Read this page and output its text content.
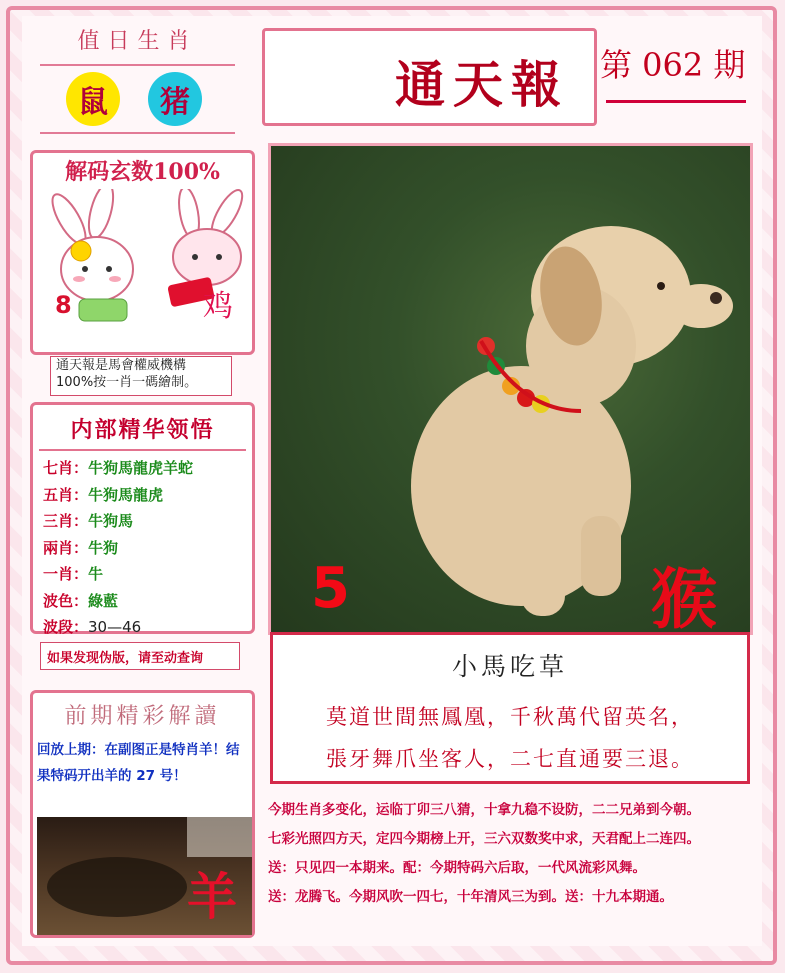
值日生肖
鼠	猪
解码玄数100%
8	鸡
通天報是馬會權威機構
100%按一肖一碼繪制。
内部精华领悟
七肖：牛狗馬龍虎羊蛇
五肖：牛狗馬龍虎
三肖：牛狗馬
兩肖：牛狗
一肖：牛
波色：綠藍
波段：30—46
如果发现伪版，请至动查询
前期精彩解讀
回放上期：在副图正是特肖羊！结果特码开出羊的 27 号！
羊
通天報 第 062 期
5	猴
小馬吃草
莫道世間無鳳凰，千秋萬代留英名，
張牙舞爪坐客人，二七直通要三退。
今期生肖多变化，运临丁卯三八猜，十拿九稳不设防，二二兄弟到今朝。
七彩光照四方天，定四今期榜上开，三六双数奖中求，天君配上二连四。
送：只见四一本期来。配：今期特码六后取，一代风流彩风舞。
送：龙腾飞。今期风吹一四七，十年清风三为到。送：十九本期通。
